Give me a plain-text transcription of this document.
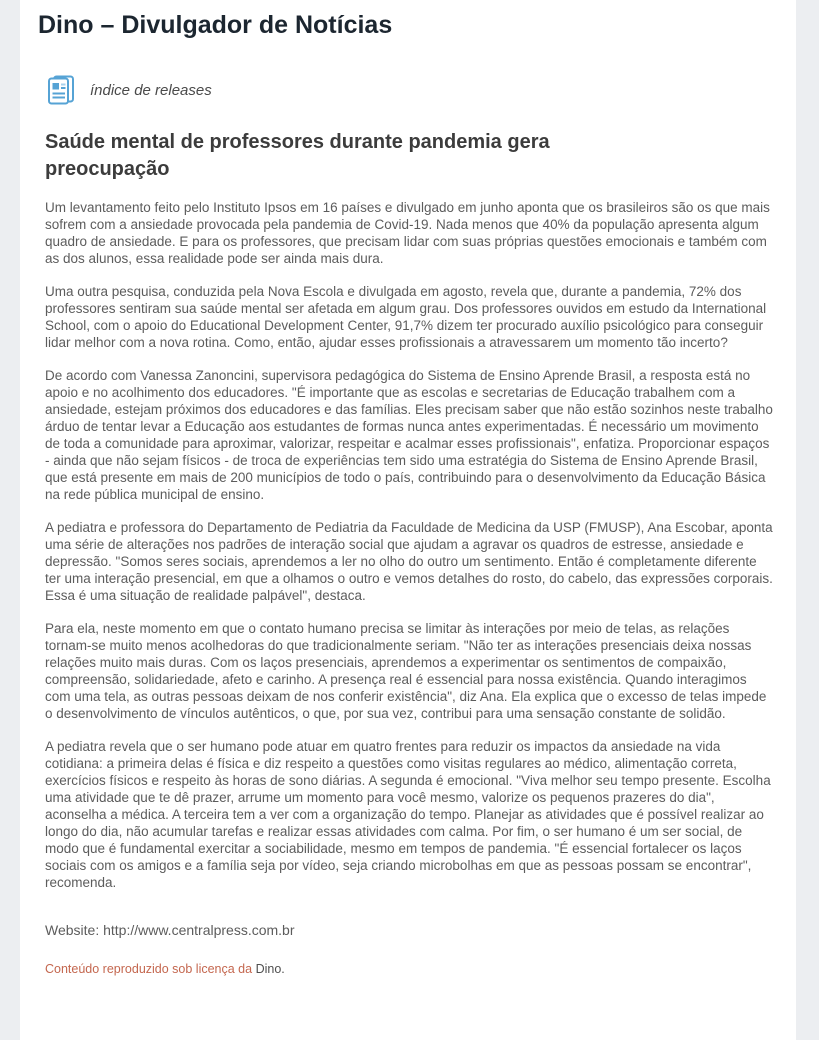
Dino – Divulgador de Notícias
índice de releases
Saúde mental de professores durante pandemia gera preocupação

Um levantamento feito pelo Instituto Ipsos em 16 países e divulgado em junho aponta que os brasileiros são os que mais sofrem com a ansiedade provocada pela pandemia de Covid-19. Nada menos que 40% da população apresenta algum quadro de ansiedade. E para os professores, que precisam lidar com suas próprias questões emocionais e também com as dos alunos, essa realidade pode ser ainda mais dura.

Uma outra pesquisa, conduzida pela Nova Escola e divulgada em agosto, revela que, durante a pandemia, 72% dos professores sentiram sua saúde mental ser afetada em algum grau. Dos professores ouvidos em estudo da International School, com o apoio do Educational Development Center, 91,7% dizem ter procurado auxílio psicológico para conseguir lidar melhor com a nova rotina. Como, então, ajudar esses profissionais a atravessarem um momento tão incerto?

De acordo com Vanessa Zanoncini, supervisora pedagógica do Sistema de Ensino Aprende Brasil, a resposta está no apoio e no acolhimento dos educadores. "É importante que as escolas e secretarias de Educação trabalhem com a ansiedade, estejam próximos dos educadores e das famílias. Eles precisam saber que não estão sozinhos neste trabalho árduo de tentar levar a Educação aos estudantes de formas nunca antes experimentadas. É necessário um movimento de toda a comunidade para aproximar, valorizar, respeitar e acalmar esses profissionais", enfatiza. Proporcionar espaços - ainda que não sejam físicos - de troca de experiências tem sido uma estratégia do Sistema de Ensino Aprende Brasil, que está presente em mais de 200 municípios de todo o país, contribuindo para o desenvolvimento da Educação Básica na rede pública municipal de ensino.

A pediatra e professora do Departamento de Pediatria da Faculdade de Medicina da USP (FMUSP), Ana Escobar, aponta uma série de alterações nos padrões de interação social que ajudam a agravar os quadros de estresse, ansiedade e depressão. "Somos seres sociais, aprendemos a ler no olho do outro um sentimento. Então é completamente diferente ter uma interação presencial, em que a olhamos o outro e vemos detalhes do rosto, do cabelo, das expressões corporais. Essa é uma situação de realidade palpável", destaca.

Para ela, neste momento em que o contato humano precisa se limitar às interações por meio de telas, as relações tornam-se muito menos acolhedoras do que tradicionalmente seriam. "Não ter as interações presenciais deixa nossas relações muito mais duras. Com os laços presenciais, aprendemos a experimentar os sentimentos de compaixão, compreensão, solidariedade, afeto e carinho. A presença real é essencial para nossa existência. Quando interagimos com uma tela, as outras pessoas deixam de nos conferir existência", diz Ana. Ela explica que o excesso de telas impede o desenvolvimento de vínculos autênticos, o que, por sua vez, contribui para uma sensação constante de solidão.

A pediatra revela que o ser humano pode atuar em quatro frentes para reduzir os impactos da ansiedade na vida cotidiana: a primeira delas é física e diz respeito a questões como visitas regulares ao médico, alimentação correta, exercícios físicos e respeito às horas de sono diárias. A segunda é emocional. "Viva melhor seu tempo presente. Escolha uma atividade que te dê prazer, arrume um momento para você mesmo, valorize os pequenos prazeres do dia", aconselha a médica. A terceira tem a ver com a organização do tempo. Planejar as atividades que é possível realizar ao longo do dia, não acumular tarefas e realizar essas atividades com calma. Por fim, o ser humano é um ser social, de modo que é fundamental exercitar a sociabilidade, mesmo em tempos de pandemia. "É essencial fortalecer os laços sociais com os amigos e a família seja por vídeo, seja criando microbolhas em que as pessoas possam se encontrar", recomenda.

Website: http://www.centralpress.com.br

Conteúdo reproduzido sob licença da Dino.
